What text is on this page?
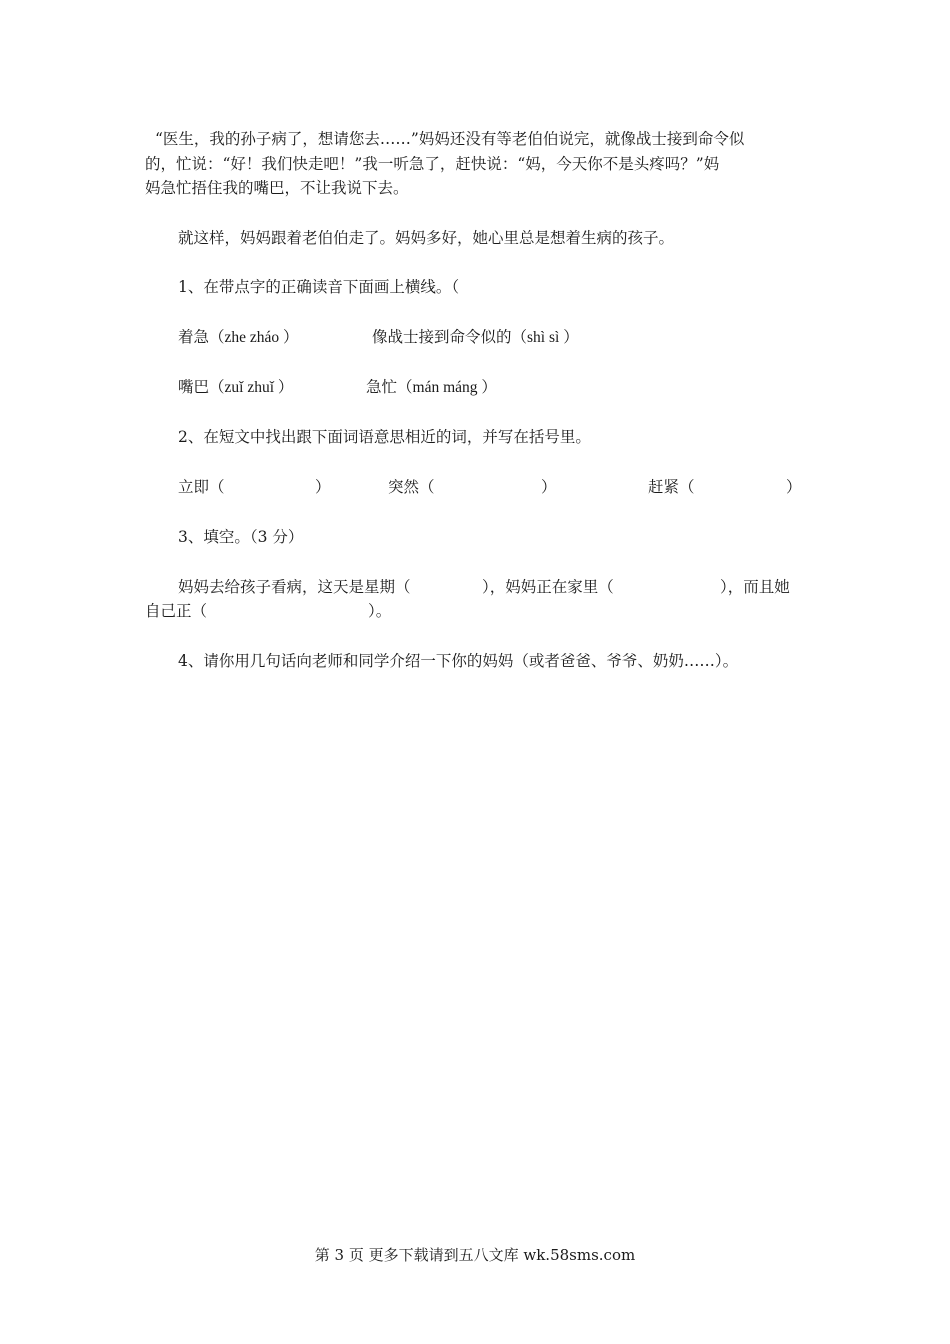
“医生，我的孙子病了，想请您去……”妈妈还没有等老伯伯说完，就像战士接到命令似
的，忙说：“好！我们快走吧！”我一听急了，赶快说：“妈，今天你不是头疼吗？”妈
妈急忙捂住我的嘴巴，不让我说下去。
就这样，妈妈跟着老伯伯走了。妈妈多好，她心里总是想着生病的孩子。
1、在带点字的正确读音下面画上横线。（
着急（zhe zháo ）	像战士接到命令似的（shì sì ）
嘴巴（zuǐ zhuǐ ）	急忙（mán máng ）
2、在短文中找出跟下面词语意思相近的词，并写在括号里。
立即（	）	突然（	）	赶紧（	）
3、填空。（3 分）
妈妈去给孩子看病，这天是星期（	），妈妈正在家里（	），而且她
自己正（	）。
4、请你用几句话向老师和同学介绍一下你的妈妈（或者爸爸、爷爷、奶奶……）。
第 3 页 更多下载请到五八文库 wk.58sms.com
